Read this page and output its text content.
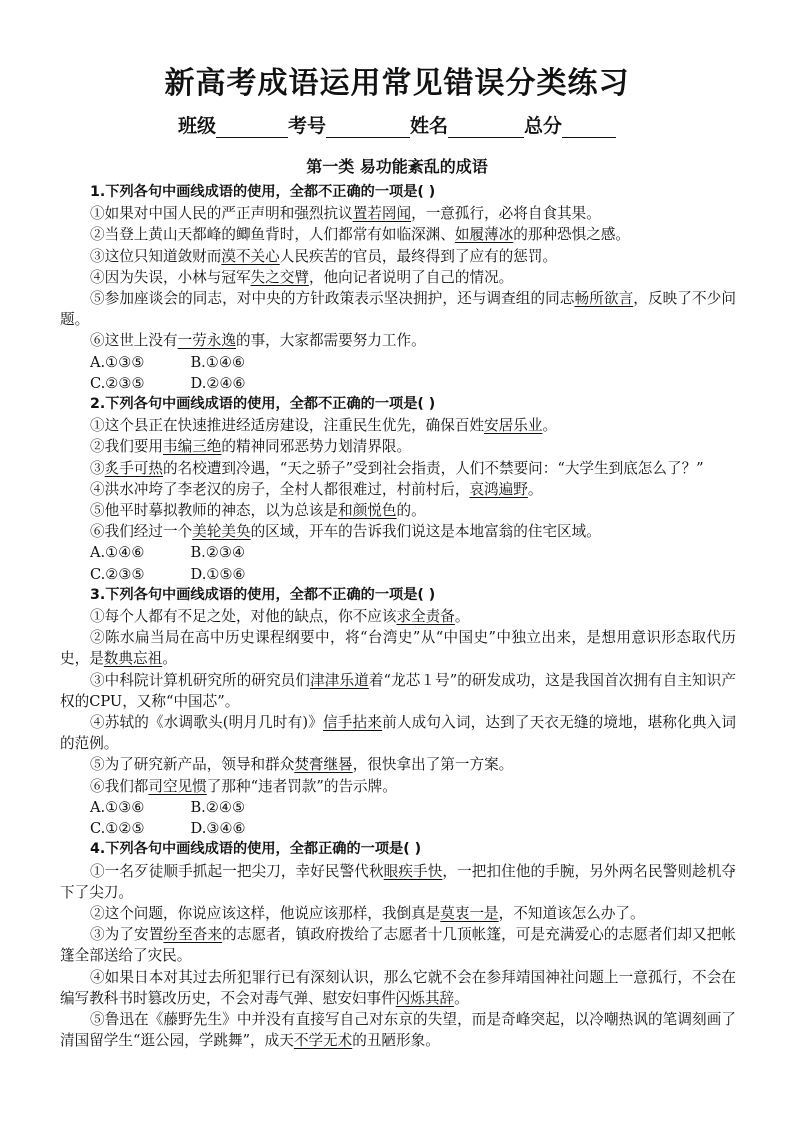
新高考成语运用常见错误分类练习
班级	考号	姓名	总分
第一类 易功能紊乱的成语

1.下列各句中画线成语的使用，全都不正确的一项是( )

①如果对中国人民的严正声明和强烈抗议置若罔闻，一意孤行，必将自食其果。

②当登上黄山天都峰的鲫鱼背时，人们都常有如临深渊、如履薄冰的那种恐惧之感。

③这位只知道敛财而漠不关心人民疾苦的官员，最终得到了应有的惩罚。

④因为失误，小林与冠军失之交臂，他向记者说明了自己的情况。

⑤参加座谈会的同志，对中央的方针政策表示坚决拥护，还与调查组的同志畅所欲言，反映了不少问题。

⑥这世上没有一劳永逸的事，大家都需要努力工作。

A.①③⑤	B.①④⑥

C.②③⑤	D.②④⑥

2.下列各句中画线成语的使用，全都不正确的一项是( )

①这个县正在快速推进经适房建设，注重民生优先，确保百姓安居乐业。

②我们要用韦编三绝的精神同邪恶势力划清界限。

③炙手可热的名校遭到冷遇，“天之骄子”受到社会指责，人们不禁要问：“大学生到底怎么了？”

④洪水冲垮了李老汉的房子，全村人都很难过，村前村后，哀鸿遍野。

⑤他平时摹拟教师的神态，以为总该是和颜悦色的。

⑥我们经过一个美轮美奂的区域，开车的告诉我们说这是本地富翁的住宅区域。

A.①④⑥	B.②③④

C.②③⑤	D.①⑤⑥

3.下列各句中画线成语的使用，全都不正确的一项是( )

①每个人都有不足之处，对他的缺点，你不应该求全责备。

②陈水扁当局在高中历史课程纲要中，将“台湾史”从“中国史”中独立出来，是想用意识形态取代历史，是数典忘祖。

③中科院计算机研究所的研究员们津津乐道着“龙芯１号”的研发成功，这是我国首次拥有自主知识产权的CPU，又称“中国芯”。

④苏轼的《水调歌头(明月几时有)》信手拈来前人成句入词，达到了天衣无缝的境地，堪称化典入词的范例。

⑤为了研究新产品，领导和群众焚膏继晷，很快拿出了第一方案。

⑥我们都司空见惯了那种“违者罚款”的告示牌。

A.①③⑥	B.②④⑤

C.①②⑤	D.③④⑥

4.下列各句中画线成语的使用，全都正确的一项是( )

①一名歹徒顺手抓起一把尖刀，幸好民警代秋眼疾手快，一把扣住他的手腕，另外两名民警则趁机夺下了尖刀。

②这个问题，你说应该这样，他说应该那样，我倒真是莫衷一是，不知道该怎么办了。

③为了安置纷至沓来的志愿者，镇政府拨给了志愿者十几顶帐篷，可是充满爱心的志愿者们却又把帐篷全部送给了灾民。

④如果日本对其过去所犯罪行已有深刻认识，那么它就不会在参拜靖国神社问题上一意孤行，不会在编写教科书时篡改历史，不会对毒气弹、慰安妇事件闪烁其辞。

⑤鲁迅在《藤野先生》中并没有直接写自己对东京的失望，而是奇峰突起，以冷嘲热讽的笔调刻画了清国留学生“逛公园，学跳舞”，成天不学无术的丑陋形象。
